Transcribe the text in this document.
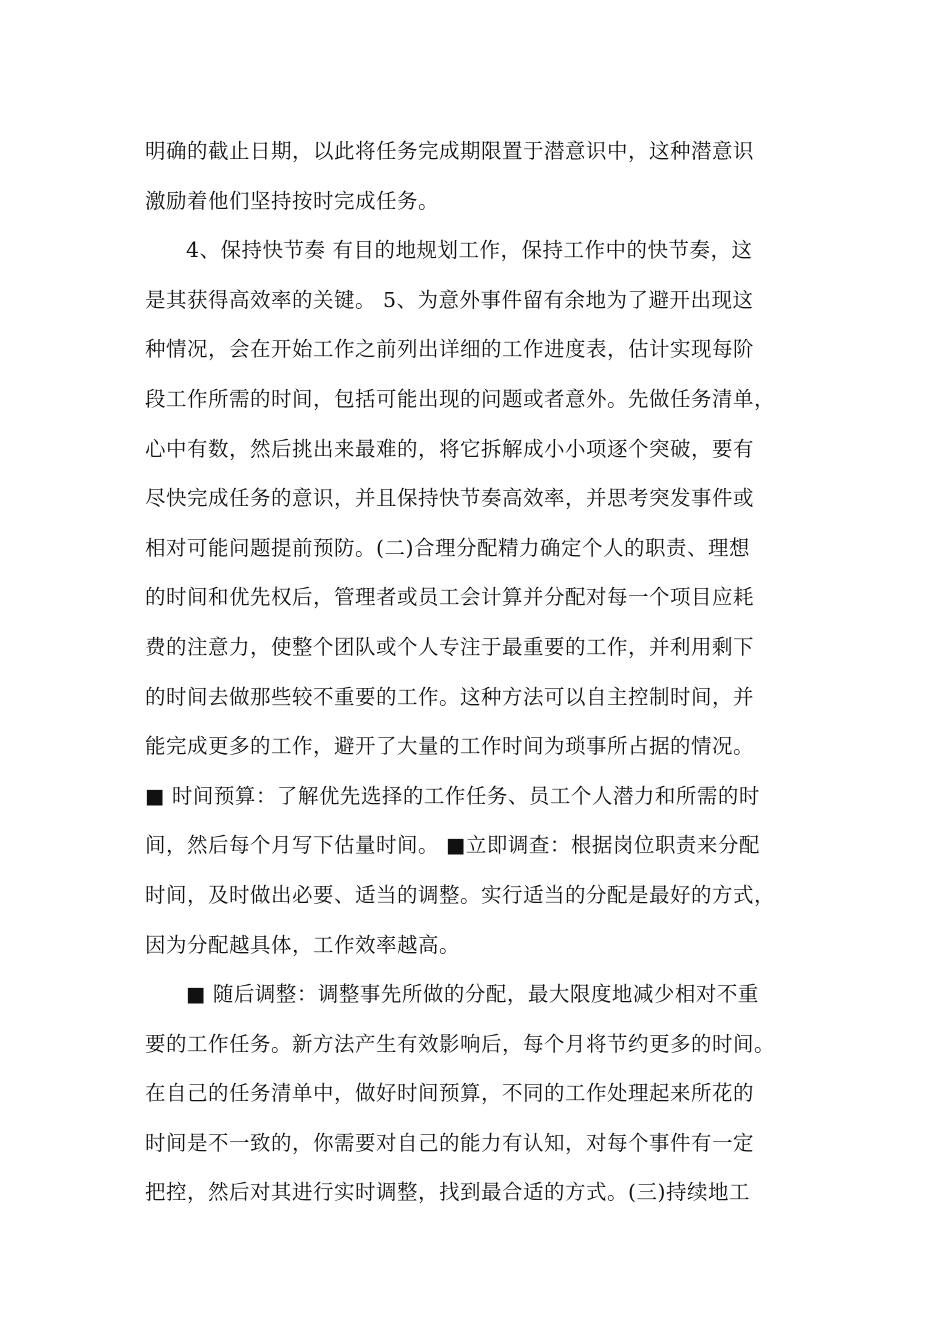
明确的截止日期，以此将任务完成期限置于潜意识中，这种潜意识
激励着他们坚持按时完成任务。
4、保持快节奏 有目的地规划工作，保持工作中的快节奏，这
是其获得高效率的关键。 5、为意外事件留有余地为了避开出现这
种情况，会在开始工作之前列出详细的工作进度表，估计实现每阶
段工作所需的时间，包括可能出现的问题或者意外。先做任务清单，
心中有数，然后挑出来最难的，将它拆解成小小项逐个突破，要有
尽快完成任务的意识，并且保持快节奏高效率，并思考突发事件或
相对可能问题提前预防。(二)合理分配精力确定个人的职责、理想
的时间和优先权后，管理者或员工会计算并分配对每一个项目应耗
费的注意力，使整个团队或个人专注于最重要的工作，并利用剩下
的时间去做那些较不重要的工作。这种方法可以自主控制时间，并
能完成更多的工作，避开了大量的工作时间为琐事所占据的情况。
■ 时间预算：了解优先选择的工作任务、员工个人潜力和所需的时
间，然后每个月写下估量时间。 ■立即调查：根据岗位职责来分配
时间，及时做出必要、适当的调整。实行适当的分配是最好的方式，
因为分配越具体，工作效率越高。
■ 随后调整：调整事先所做的分配，最大限度地减少相对不重
要的工作任务。新方法产生有效影响后，每个月将节约更多的时间。
在自己的任务清单中，做好时间预算，不同的工作处理起来所花的
时间是不一致的，你需要对自己的能力有认知，对每个事件有一定
把控，然后对其进行实时调整，找到最合适的方式。(三)持续地工
